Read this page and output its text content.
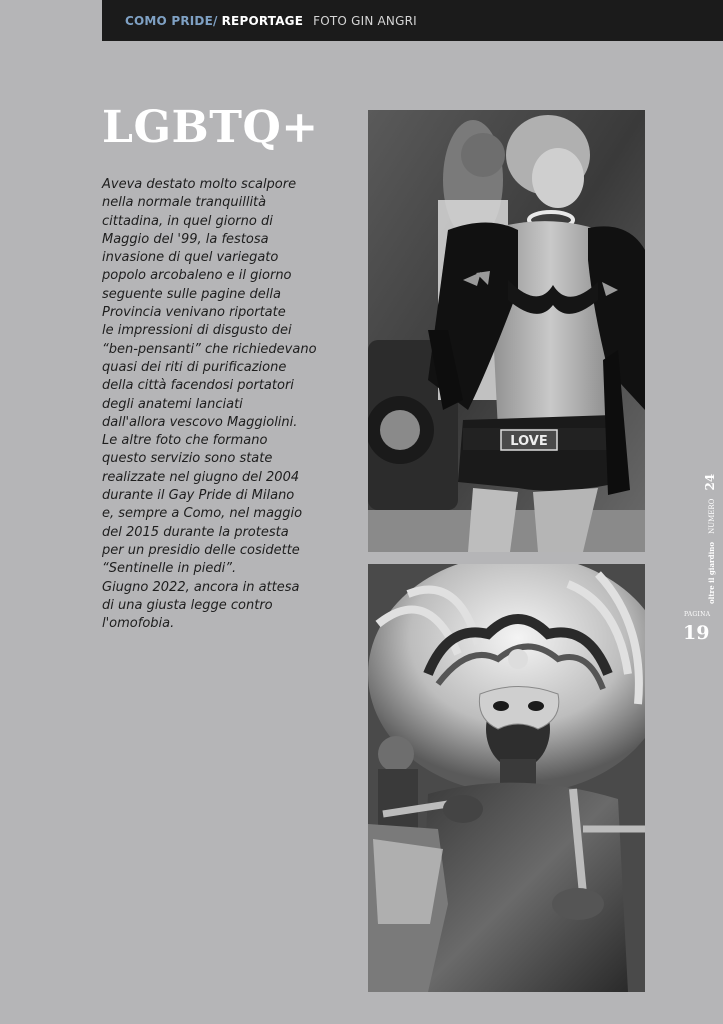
COMO PRIDE/ REPORTAGE FOTO GIN ANGRI
LGBTQ+
Aveva destato molto scalpore
nella normale tranquillità
cittadina, in quel giorno di
Maggio del '99, la festosa
invasione di quel variegato
popolo arcobaleno e il giorno
seguente sulle pagine della
Provincia venivano riportate
le impressioni di disgusto dei
“ben-pensanti” che richiedevano
quasi dei riti di purificazione
della città facendosi portatori
degli anatemi lanciati
dall'allora vescovo Maggiolini.
Le altre foto che formano
questo servizio sono state
realizzate nel giugno del 2004
durante il Gay Pride di Milano
e, sempre a Como, nel maggio
del 2015 durante la protesta
per un presidio delle cosidette
“Sentinelle in piedi”.
Giugno 2022, ancora in attesa
di una giusta legge contro
l'omofobia.
LOVE
oltre il giardino NUMERO 24
PAGINA
19
